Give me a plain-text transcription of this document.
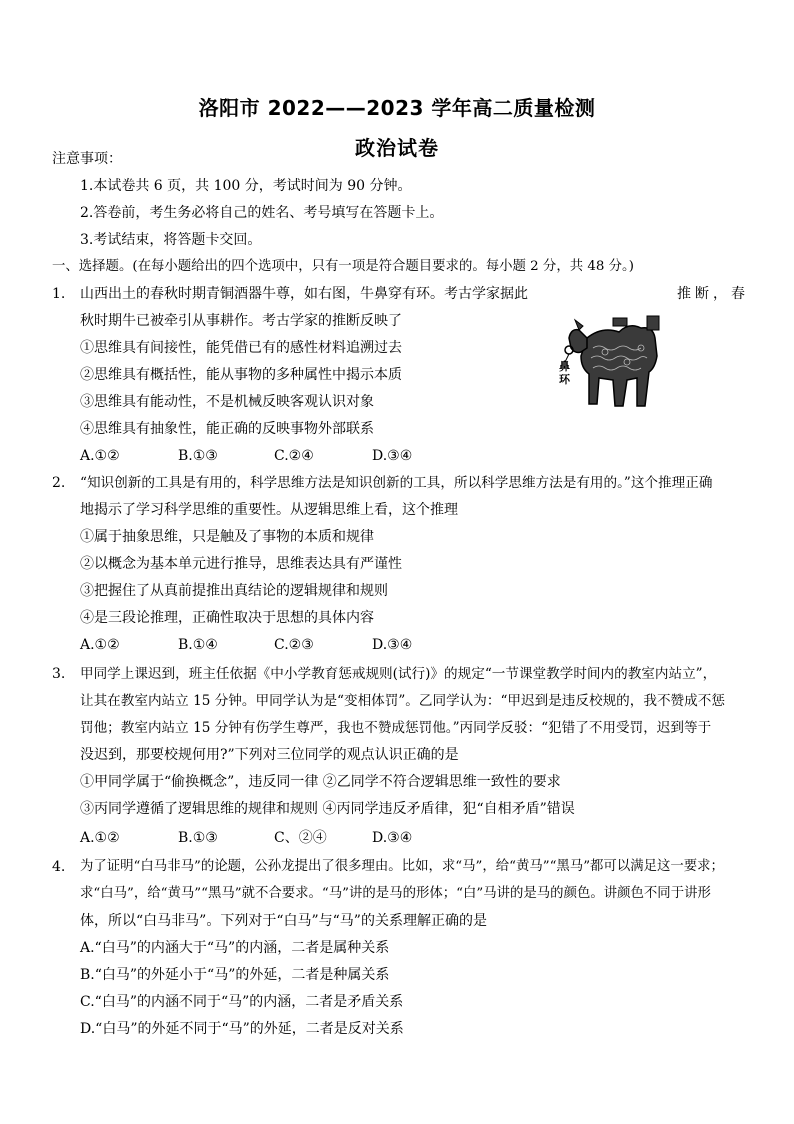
洛阳市 2022——2023 学年高二质量检测
政治试卷
注意事项：
1.本试卷共 6 页，共 100 分，考试时间为 90 分钟。
2.答卷前，考生务必将自己的姓名、考号填写在答题卡上。
3.考试结束，将答题卡交回。
一、选择题。(在每小题给出的四个选项中，只有一项是符合题目要求的。每小题 2 分，共 48 分。)
1. 山西出土的春秋时期青铜酒器牛尊，如右图，牛鼻穿有环。考古学家据此	推断，春
秋时期牛已被牵引从事耕作。考古学家的推断反映了
①思维具有间接性，能凭借已有的感性材料追溯过去
②思维具有概括性，能从事物的多种属性中揭示本质
③思维具有能动性，不是机械反映客观认识对象
④思维具有抽象性，能正确的反映事物外部联系
A.①②	B.①③	C.②④	D.③④
鼻环
2. “知识创新的工具是有用的，科学思维方法是知识创新的工具，所以科学思维方法是有用的。”这个推理正确
地揭示了学习科学思维的重要性。从逻辑思维上看，这个推理
①属于抽象思维，只是触及了事物的本质和规律
②以概念为基本单元进行推导，思维表达具有严谨性
③把握住了从真前提推出真结论的逻辑规律和规则
④是三段论推理，正确性取决于思想的具体内容
A.①②	B.①④	C.②③	D.③④
3. 甲同学上课迟到，班主任依据《中小学教育惩戒规则(试行)》的规定“一节课堂教学时间内的教室内站立”，
让其在教室内站立 15 分钟。甲同学认为是“变相体罚”。乙同学认为：“甲迟到是违反校规的，我不赞成不惩
罚他；教室内站立 15 分钟有伤学生尊严，我也不赞成惩罚他。”丙同学反驳：“犯错了不用受罚，迟到等于
没迟到，那要校规何用?”下列对三位同学的观点认识正确的是
①甲同学属于“偷换概念”，违反同一律 ②乙同学不符合逻辑思维一致性的要求
③丙同学遵循了逻辑思维的规律和规则 ④丙同学违反矛盾律，犯“自相矛盾”错误
A.①②	B.①③	C、②④	D.③④
4. 为了证明“白马非马”的论题，公孙龙提出了很多理由。比如，求“马”，给“黄马”“黑马”都可以满足这一要求；
求“白马”，给“黄马”“黑马”就不合要求。“马”讲的是马的形体；“白”马讲的是马的颜色。讲颜色不同于讲形
体，所以“白马非马”。下列对于“白马”与“马”的关系理解正确的是
A.“白马”的内涵大于“马”的内涵，二者是属种关系
B.“白马”的外延小于“马”的外延，二者是种属关系
C.“白马”的内涵不同于“马”的内涵，二者是矛盾关系
D.“白马”的外延不同于“马”的外延，二者是反对关系
